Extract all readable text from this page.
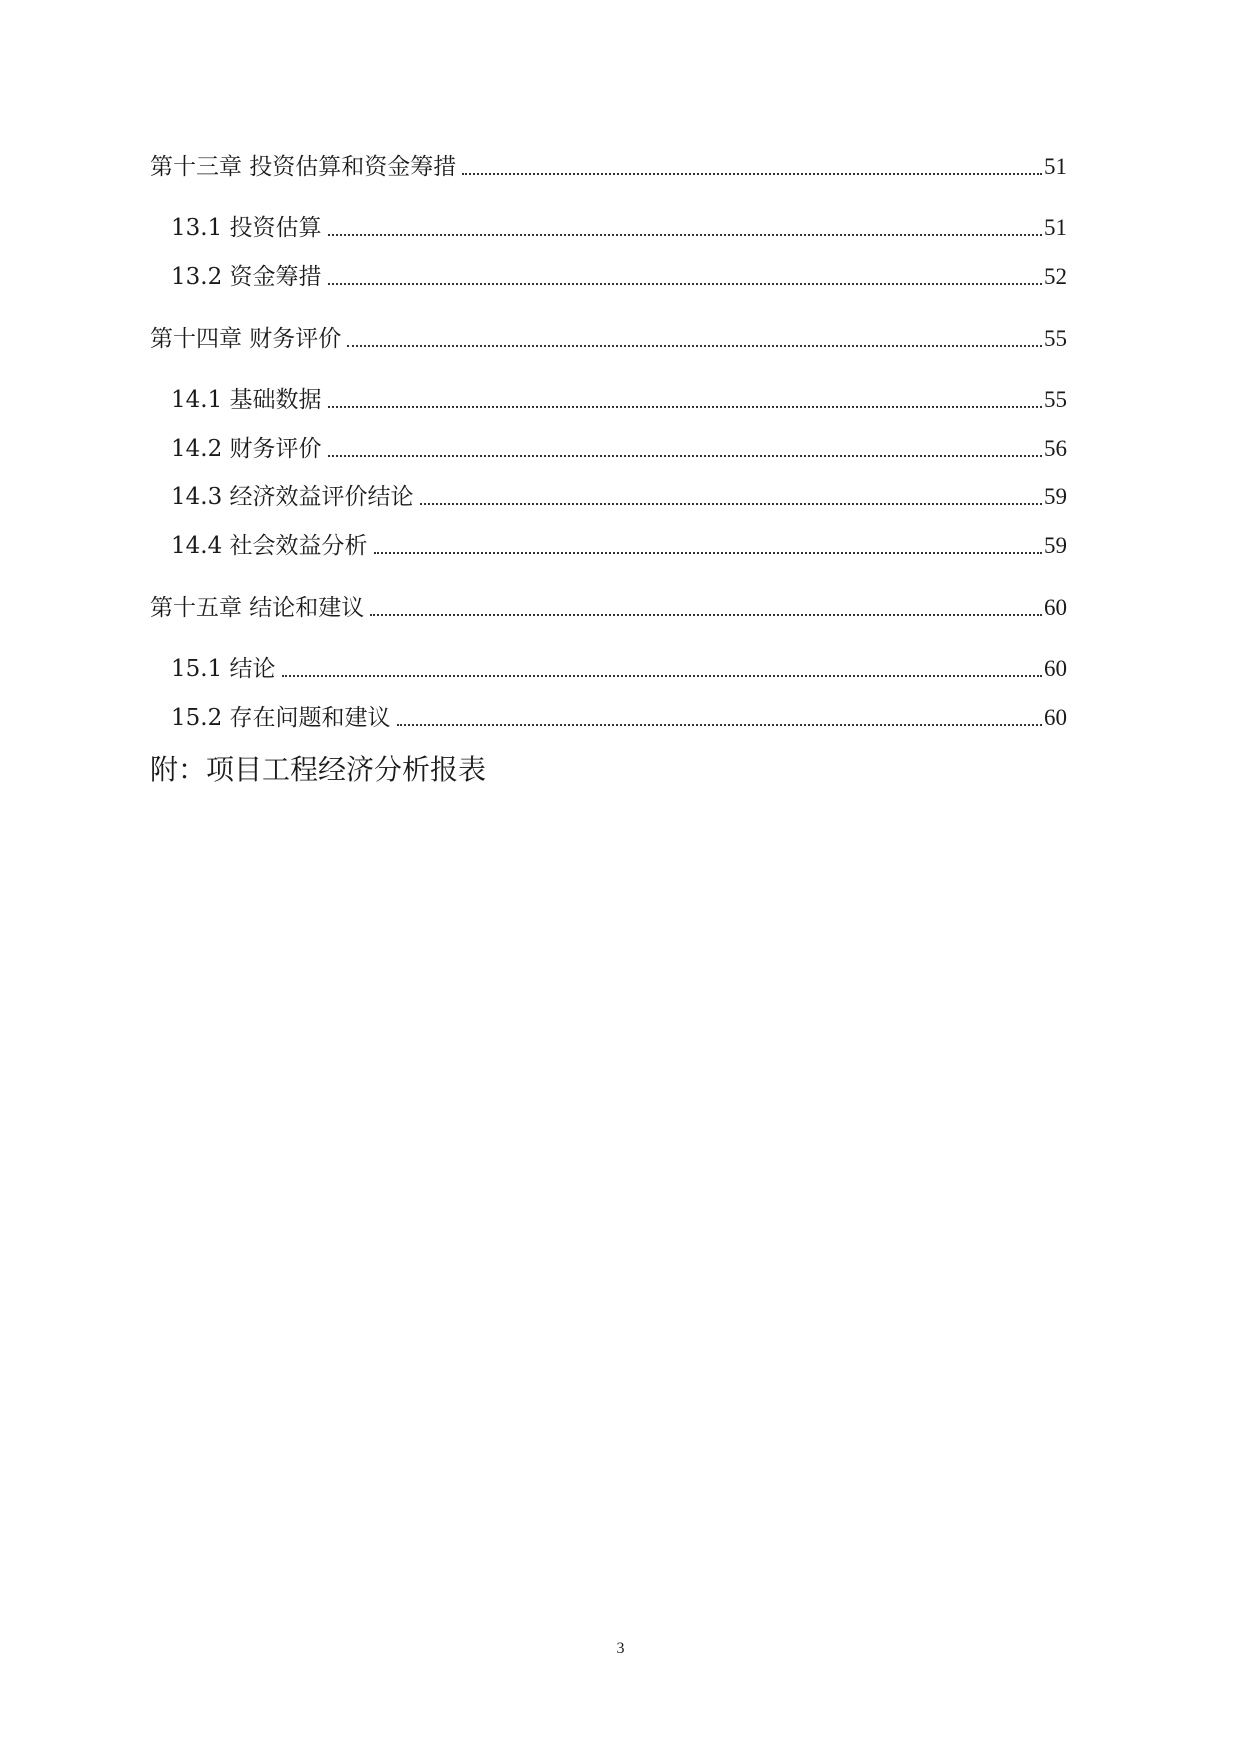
第十三章 投资估算和资金筹措	51
13.1 投资估算	51
13.2 资金筹措	52
第十四章 财务评价	55
14.1 基础数据	55
14.2 财务评价	56
14.3 经济效益评价结论	59
14.4 社会效益分析	59
第十五章 结论和建议	60
15.1 结论	60
15.2 存在问题和建议	60
附：项目工程经济分析报表
3
